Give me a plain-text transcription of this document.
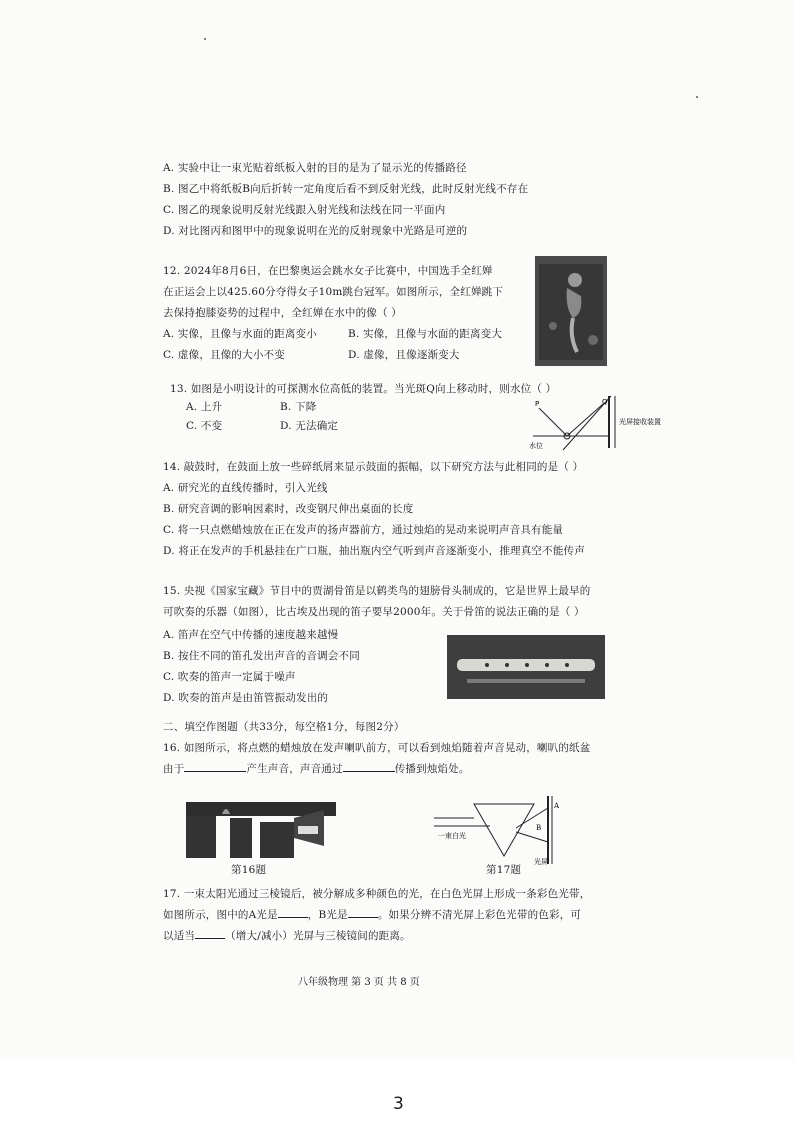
A. 实验中让一束光贴着纸板入射的目的是为了显示光的传播路径
B. 图乙中将纸板B向后折转一定角度后看不到反射光线，此时反射光线不存在
C. 图乙的现象说明反射光线跟入射光线和法线在同一平面内
D. 对比图丙和图甲中的现象说明在光的反射现象中光路是可逆的
12. 2024年8月6日，在巴黎奥运会跳水女子比赛中，中国选手全红婵
在正运会上以425.60分夺得女子10m跳台冠军。如图所示，全红婵跳下
去保持抱膝姿势的过程中，全红婵在水中的像（ ）
A. 实像，且像与水面的距离变小	B. 实像，且像与水面的距离变大
C. 虚像，且像的大小不变	D. 虚像，且像逐渐变大
13. 如图是小明设计的可探测水位高低的装置。当光斑Q向上移动时，则水位（ ）
A. 上升	B. 下降
C. 不变	D. 无法确定
水位
光屏接收装置
P	Q
14. 敲鼓时，在鼓面上放一些碎纸屑来显示鼓面的振幅，以下研究方法与此相同的是（ ）
A. 研究光的直线传播时，引入光线
B. 研究音调的影响因素时，改变钢尺伸出桌面的长度
C. 将一只点燃蜡烛放在正在发声的扬声器前方，通过烛焰的晃动来说明声音具有能量
D. 将正在发声的手机悬挂在广口瓶，抽出瓶内空气听到声音逐渐变小，推理真空不能传声
15. 央视《国家宝藏》节目中的贾湖骨笛是以鹤类鸟的翅膀骨头制成的，它是世界上最早的
可吹奏的乐器（如图），比古埃及出现的笛子要早2000年。关于骨笛的说法正确的是（ ）
A. 笛声在空气中传播的速度越来越慢
B. 按住不同的笛孔发出声音的音调会不同
C. 吹奏的笛声一定属于噪声
D. 吹奏的笛声是由笛管振动发出的
二、填空作图题（共33分，每空格1分，每图2分）
16. 如图所示，将点燃的蜡烛放在发声喇叭前方，可以看到烛焰随着声音晃动，喇叭的纸盆
由于	产生声音，声音通过	传播到烛焰处。
第16题
A
B
一束白光
光屏
第17题
17. 一束太阳光通过三棱镜后，被分解成多种颜色的光，在白色光屏上形成一条彩色光带，
如图所示，图中的A光是	，B光是	。如果分辨不清光屏上彩色光带的色彩，可
以适当	（增大/减小）光屏与三棱镜间的距离。
八年级物理 第 3 页 共 8 页
3
